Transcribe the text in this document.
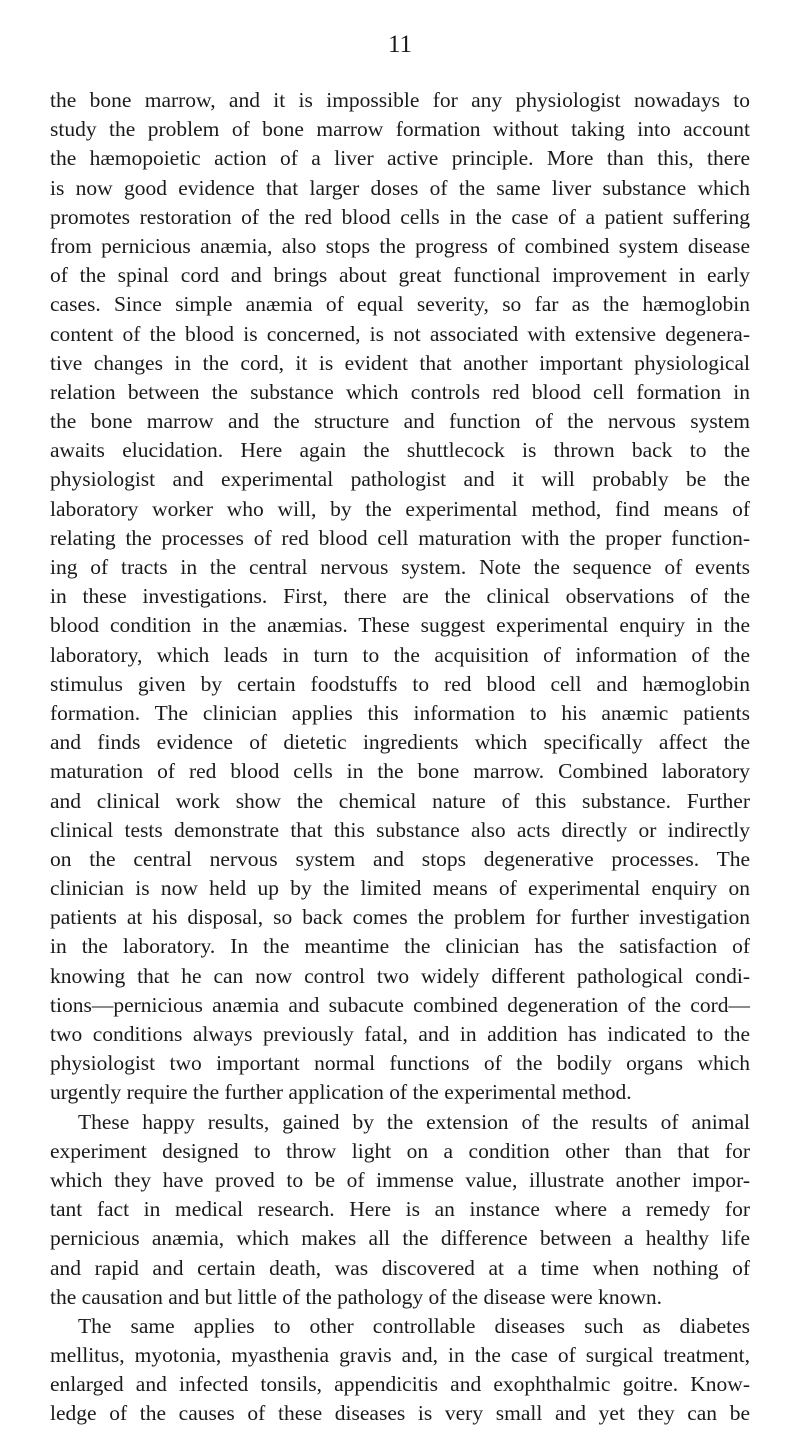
11
the bone marrow, and it is impossible for any physiologist nowadays to
study the problem of bone marrow formation without taking into account
the hæmopoietic action of a liver active principle. More than this, there
is now good evidence that larger doses of the same liver substance which
promotes restoration of the red blood cells in the case of a patient suffering
from pernicious anæmia, also stops the progress of combined system disease
of the spinal cord and brings about great functional improvement in early
cases. Since simple anæmia of equal severity, so far as the hæmoglobin
content of the blood is concerned, is not associated with extensive degenera-
tive changes in the cord, it is evident that another important physiological
relation between the substance which controls red blood cell formation in
the bone marrow and the structure and function of the nervous system
awaits elucidation. Here again the shuttlecock is thrown back to the
physiologist and experimental pathologist and it will probably be the
laboratory worker who will, by the experimental method, find means of
relating the processes of red blood cell maturation with the proper function-
ing of tracts in the central nervous system. Note the sequence of events
in these investigations. First, there are the clinical observations of the
blood condition in the anæmias. These suggest experimental enquiry in the
laboratory, which leads in turn to the acquisition of information of the
stimulus given by certain foodstuffs to red blood cell and hæmoglobin
formation. The clinician applies this information to his anæmic patients
and finds evidence of dietetic ingredients which specifically affect the
maturation of red blood cells in the bone marrow. Combined laboratory
and clinical work show the chemical nature of this substance. Further
clinical tests demonstrate that this substance also acts directly or indirectly
on the central nervous system and stops degenerative processes. The
clinician is now held up by the limited means of experimental enquiry on
patients at his disposal, so back comes the problem for further investigation
in the laboratory. In the meantime the clinician has the satisfaction of
knowing that he can now control two widely different pathological condi-
tions—pernicious anæmia and subacute combined degeneration of the cord—
two conditions always previously fatal, and in addition has indicated to the
physiologist two important normal functions of the bodily organs which
urgently require the further application of the experimental method.
These happy results, gained by the extension of the results of animal
experiment designed to throw light on a condition other than that for
which they have proved to be of immense value, illustrate another impor-
tant fact in medical research. Here is an instance where a remedy for
pernicious anæmia, which makes all the difference between a healthy life
and rapid and certain death, was discovered at a time when nothing of
the causation and but little of the pathology of the disease were known.
The same applies to other controllable diseases such as diabetes
mellitus, myotonia, myasthenia gravis and, in the case of surgical treatment,
enlarged and infected tonsils, appendicitis and exophthalmic goitre. Know-
ledge of the causes of these diseases is very small and yet they can be
